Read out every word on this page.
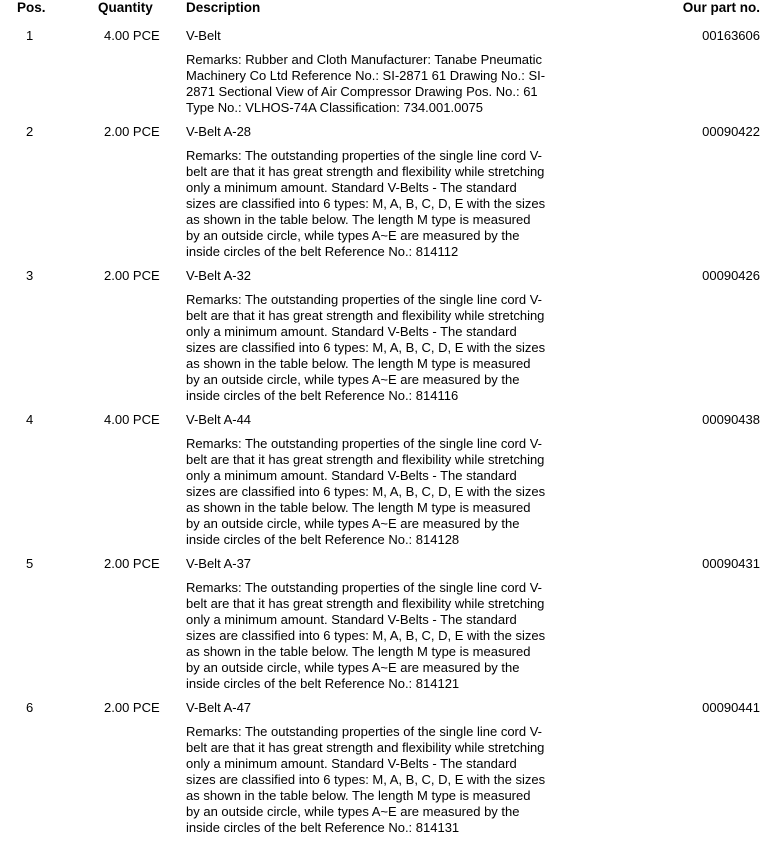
Pos.	Quantity Description	Our part no.
1	4.00 PCE V-Belt	00163606
Remarks: Rubber and Cloth Manufacturer: Tanabe Pneumatic
Machinery Co Ltd Reference No.: SI-2871 61 Drawing No.: SI-
2871 Sectional View of Air Compressor Drawing Pos. No.: 61
Type No.: VLHOS-74A Classification: 734.001.0075
2	2.00 PCE V-Belt A-28	00090422
Remarks: The outstanding properties of the single line cord V-
belt are that it has great strength and flexibility while stretching
only a minimum amount. Standard V-Belts - The standard
sizes are classified into 6 types: M, A, B, C, D, E with the sizes
as shown in the table below. The length M type is measured
by an outside circle, while types A~E are measured by the
inside circles of the belt Reference No.: 814112
3	2.00 PCE V-Belt A-32	00090426
Remarks: The outstanding properties of the single line cord V-
belt are that it has great strength and flexibility while stretching
only a minimum amount. Standard V-Belts - The standard
sizes are classified into 6 types: M, A, B, C, D, E with the sizes
as shown in the table below. The length M type is measured
by an outside circle, while types A~E are measured by the
inside circles of the belt Reference No.: 814116
4	4.00 PCE V-Belt A-44	00090438
Remarks: The outstanding properties of the single line cord V-
belt are that it has great strength and flexibility while stretching
only a minimum amount. Standard V-Belts - The standard
sizes are classified into 6 types: M, A, B, C, D, E with the sizes
as shown in the table below. The length M type is measured
by an outside circle, while types A~E are measured by the
inside circles of the belt Reference No.: 814128
5	2.00 PCE V-Belt A-37	00090431
Remarks: The outstanding properties of the single line cord V-
belt are that it has great strength and flexibility while stretching
only a minimum amount. Standard V-Belts - The standard
sizes are classified into 6 types: M, A, B, C, D, E with the sizes
as shown in the table below. The length M type is measured
by an outside circle, while types A~E are measured by the
inside circles of the belt Reference No.: 814121
6	2.00 PCE V-Belt A-47	00090441
Remarks: The outstanding properties of the single line cord V-
belt are that it has great strength and flexibility while stretching
only a minimum amount. Standard V-Belts - The standard
sizes are classified into 6 types: M, A, B, C, D, E with the sizes
as shown in the table below. The length M type is measured
by an outside circle, while types A~E are measured by the
inside circles of the belt Reference No.: 814131
